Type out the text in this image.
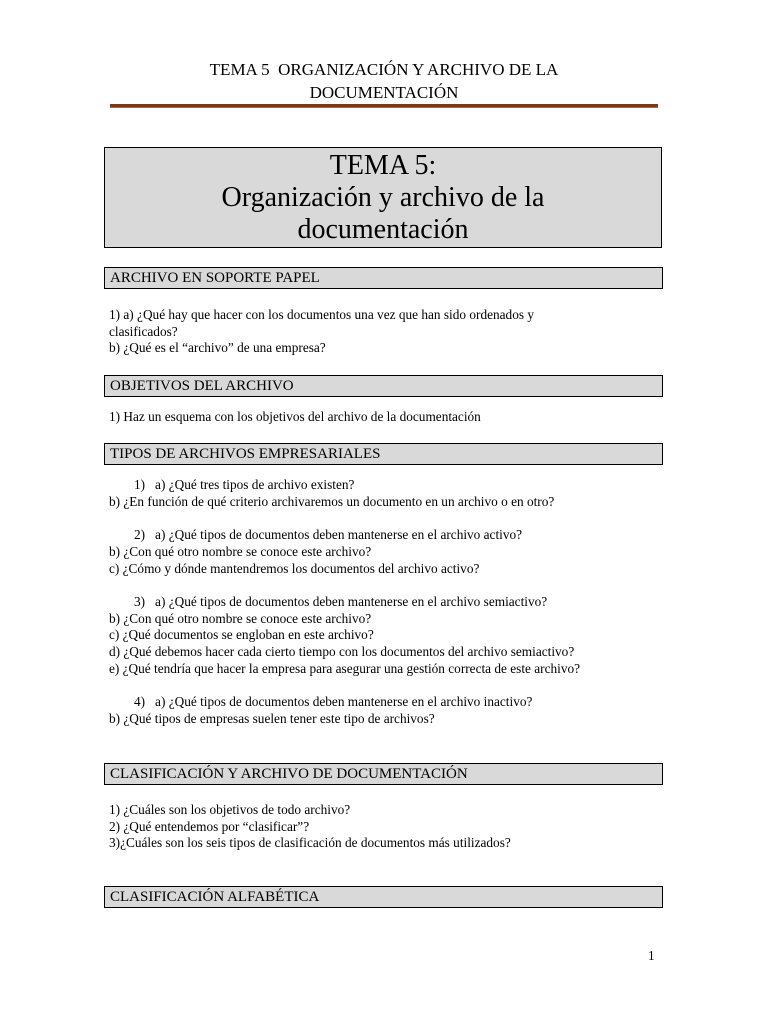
TEMA 5  ORGANIZACIÓN Y ARCHIVO DE LA
DOCUMENTACIÓN
TEMA 5:
Organización y archivo de la
documentación
ARCHIVO EN SOPORTE PAPEL
1) a) ¿Qué hay que hacer con los documentos una vez que han sido ordenados y
clasificados?
b) ¿Qué es el “archivo” de una empresa?
OBJETIVOS DEL ARCHIVO
1) Haz un esquema con los objetivos del archivo de la documentación
TIPOS DE ARCHIVOS EMPRESARIALES
1)   a) ¿Qué tres tipos de archivo existen?
b) ¿En función de qué criterio archivaremos un documento en un archivo o en otro?
2)   a) ¿Qué tipos de documentos deben mantenerse en el archivo activo?
b) ¿Con qué otro nombre se conoce este archivo?
c) ¿Cómo y dónde mantendremos los documentos del archivo activo?
3)   a) ¿Qué tipos de documentos deben mantenerse en el archivo semiactivo?
b) ¿Con qué otro nombre se conoce este archivo?
c) ¿Qué documentos se engloban en este archivo?
d) ¿Qué debemos hacer cada cierto tiempo con los documentos del archivo semiactivo?
e) ¿Qué tendría que hacer la empresa para asegurar una gestión correcta de este archivo?
4)   a) ¿Qué tipos de documentos deben mantenerse en el archivo inactivo?
b) ¿Qué tipos de empresas suelen tener este tipo de archivos?
CLASIFICACIÓN Y ARCHIVO DE DOCUMENTACIÓN
1) ¿Cuáles son los objetivos de todo archivo?
2) ¿Qué entendemos por “clasificar”?
3)¿Cuáles son los seis tipos de clasificación de documentos más utilizados?
CLASIFICACIÓN ALFABÉTICA
1
